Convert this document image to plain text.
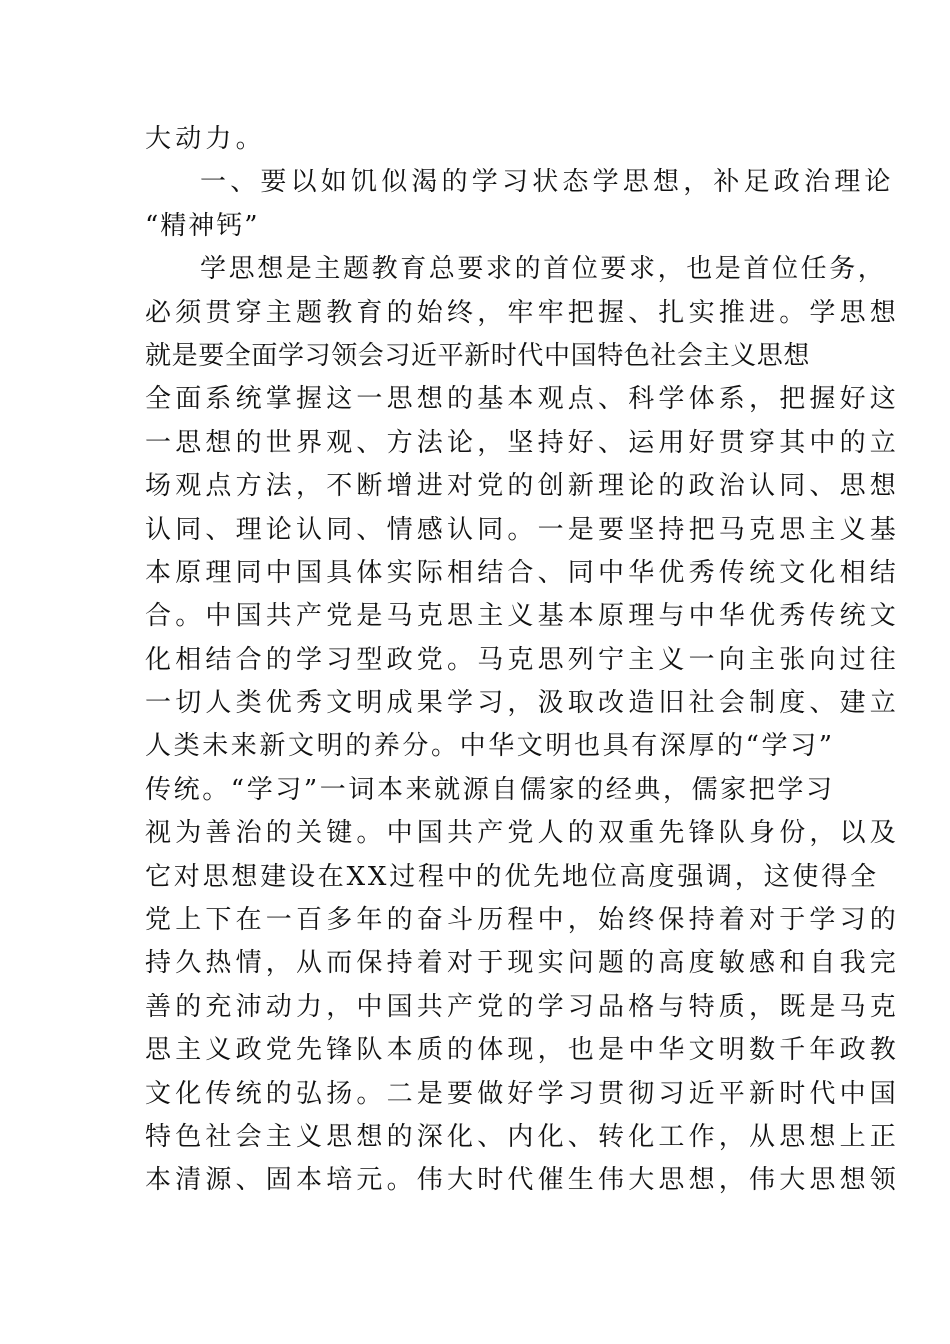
大动力。
一、要以如饥似渴的学习状态学思想，补足政治理论
“精神钙”
学思想是主题教育总要求的首位要求，也是首位任务，
必须贯穿主题教育的始终，牢牢把握、扎实推进。学思想
就是要全面学习领会习近平新时代中国特色社会主义思想
全面系统掌握这一思想的基本观点、科学体系，把握好这
一思想的世界观、方法论，坚持好、运用好贯穿其中的立
场观点方法，不断增进对党的创新理论的政治认同、思想
认同、理论认同、情感认同。一是要坚持把马克思主义基
本原理同中国具体实际相结合、同中华优秀传统文化相结
合。中国共产党是马克思主义基本原理与中华优秀传统文
化相结合的学习型政党。马克思列宁主义一向主张向过往
一切人类优秀文明成果学习，汲取改造旧社会制度、建立
人类未来新文明的养分。中华文明也具有深厚的“学习”
传统。“学习”一词本来就源自儒家的经典，儒家把学习
视为善治的关键。中国共产党人的双重先锋队身份，以及
它对思想建设在XX过程中的优先地位高度强调，这使得全
党上下在一百多年的奋斗历程中，始终保持着对于学习的
持久热情，从而保持着对于现实问题的高度敏感和自我完
善的充沛动力，中国共产党的学习品格与特质，既是马克
思主义政党先锋队本质的体现，也是中华文明数千年政教
文化传统的弘扬。二是要做好学习贯彻习近平新时代中国
特色社会主义思想的深化、内化、转化工作，从思想上正
本清源、固本培元。伟大时代催生伟大思想，伟大思想领
